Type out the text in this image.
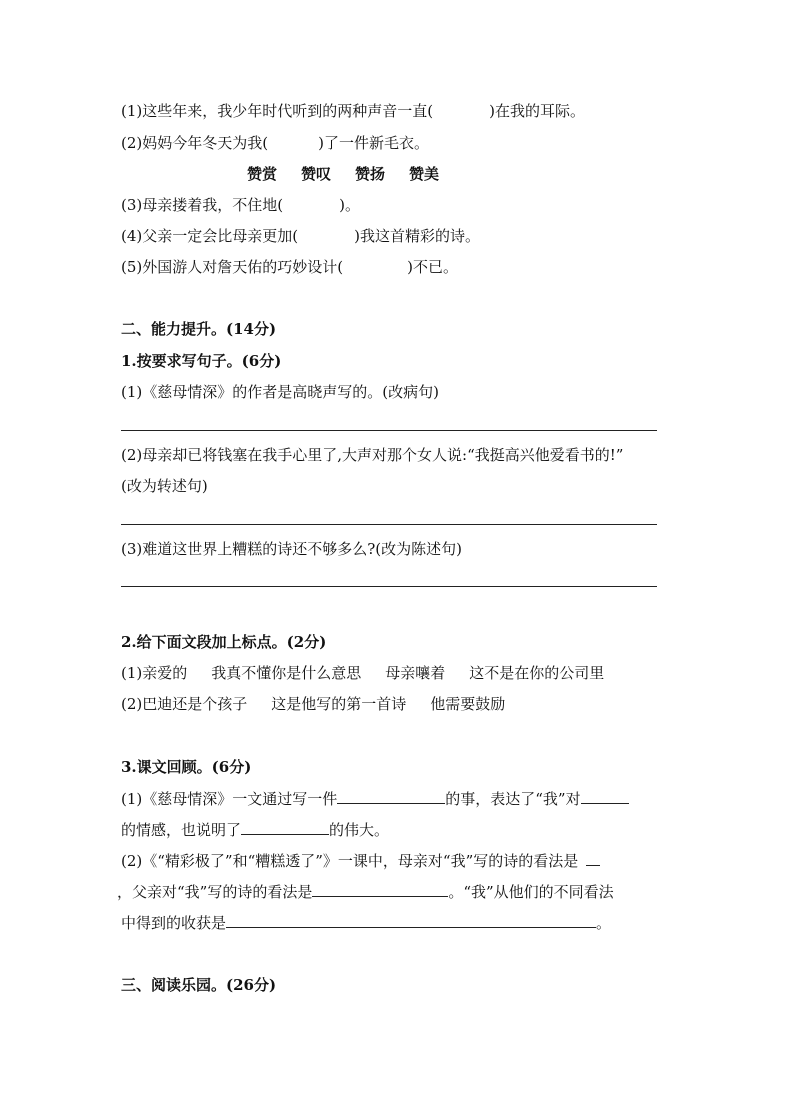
(1)这些年来，我少年时代听到的两种声音一直(	)在我的耳际。
(2)妈妈今年冬天为我(	)了一件新毛衣。
赞赏 赞叹 赞扬 赞美
(3)母亲搂着我，不住地(	)。
(4)父亲一定会比母亲更加(	)我这首精彩的诗。
(5)外国游人对詹天佑的巧妙设计(	)不已。
二、能力提升。(14分)
1.按要求写句子。(6分)
(1)《慈母情深》的作者是高晓声写的。(改病句)
(2)母亲却已将钱塞在我手心里了,大声对那个女人说:“我挺高兴他爱看书的!”
(改为转述句)
(3)难道这世界上糟糕的诗还不够多么?(改为陈述句)
2.给下面文段加上标点。(2分)
(1)亲爱的 我真不懂你是什么意思 母亲嚷着 这不是在你的公司里
(2)巴迪还是个孩子 这是他写的第一首诗 他需要鼓励
3.课文回顾。(6分)
(1)《慈母情深》一文通过写一件	的事，表达了“我”对
的情感，也说明了	的伟大。
(2)《“精彩极了”和“糟糕透了”》一课中，母亲对“我”写的诗的看法是
，父亲对“我”写的诗的看法是	。“我”从他们的不同看法
中得到的收获是	。
三、阅读乐园。(26分)
